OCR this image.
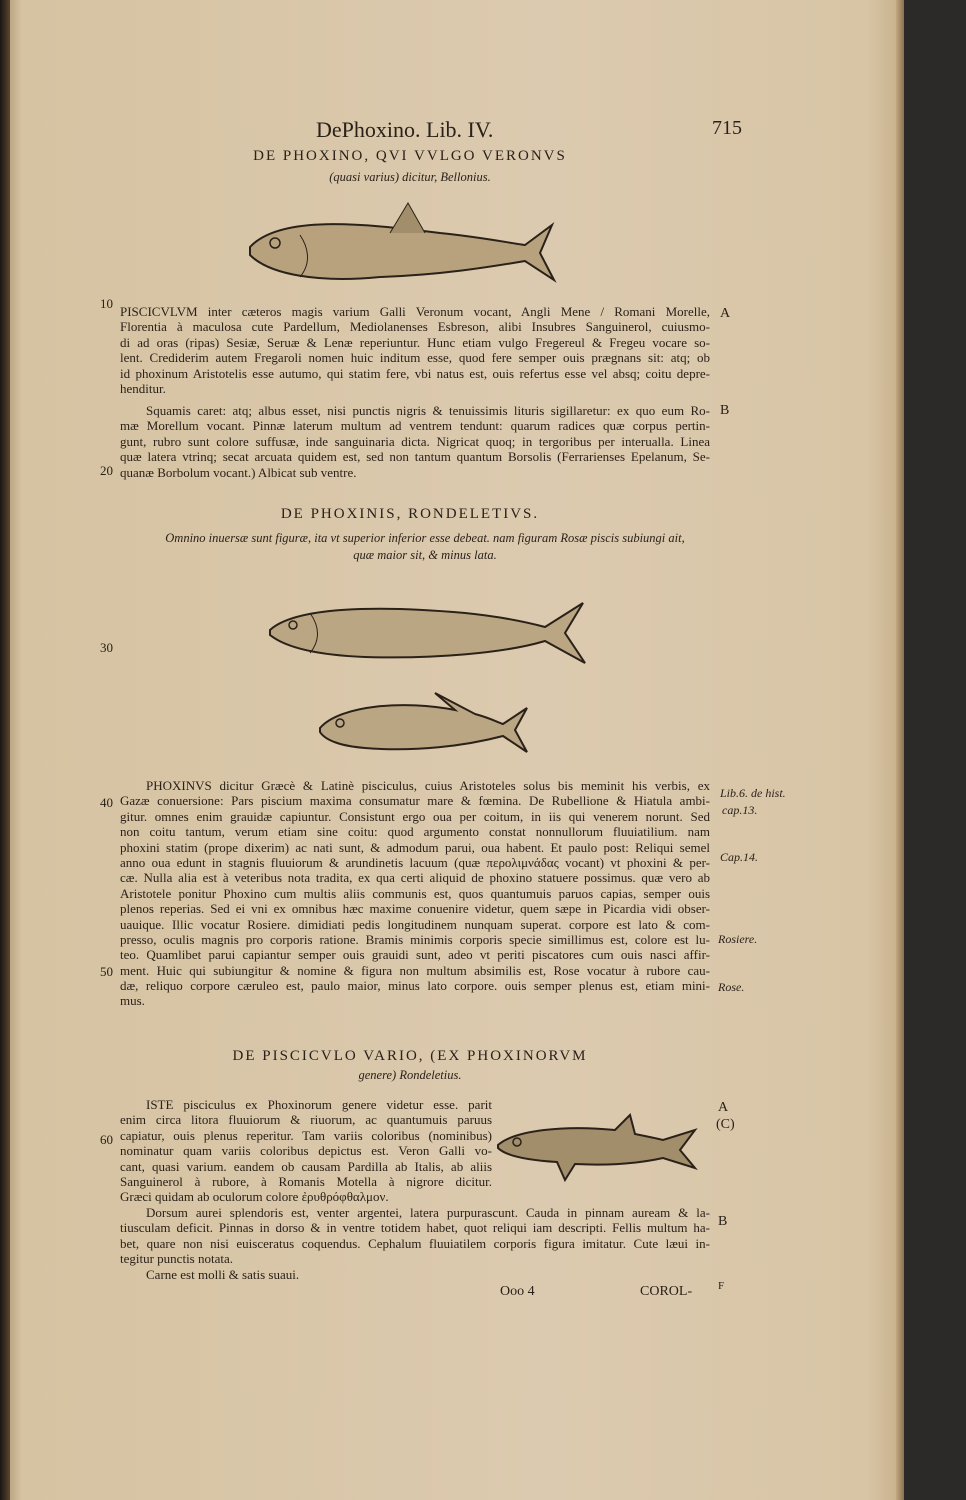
DePhoxino. Lib. IV.	715
DE PHOXINO, QVI VVLGO VERONVS
(quasi varius) dicitur, Bellonius.
10
PISCICVLVM inter cæteros magis varium Galli Veronum vocant, Angli Mene / Romani Morelle,
Florentia à maculosa cute Pardellum, Mediolanenses Esbreson, alibi Insubres Sanguinerol, cuiusmo-
di ad oras (ripas) Sesiæ, Seruæ & Lenæ reperiuntur. Hunc etiam vulgo Fregereul & Fregeu vocare so-
lent. Crediderim autem Fregaroli nomen huic inditum esse, quod fere semper ouis prægnans sit: atq; ob
id phoxinum Aristotelis esse autumo, qui statim fere, vbi natus est, ouis refertus esse vel absq; coitu depre-
henditur.
A
Squamis caret: atq; albus esset, nisi punctis nigris & tenuissimis lituris sigillaretur: ex quo eum Ro-
mæ Morellum vocant. Pinnæ laterum multum ad ventrem tendunt: quarum radices quæ corpus pertin-
gunt, rubro sunt colore suffusæ, inde sanguinaria dicta. Nigricat quoq; in tergoribus per interualla. Linea
quæ latera vtrinq; secat arcuata quidem est, sed non tantum quantum Borsolis (Ferrarienses Epelanum, Se-
quanæ Borbolum vocant.) Albicat sub ventre.
B
20
DE PHOXINIS, RONDELETIVS.
Omnino inuersæ sunt figuræ, ita vt superior inferior esse debeat. nam figuram Rosæ piscis subiungi ait,
quæ maior sit, & minus lata.
30
PHOXINVS dicitur Græcè & Latinè pisciculus, cuius Aristoteles solus bis meminit his verbis, ex
Gazæ conuersione: Pars piscium maxima consumatur mare & fœmina. De Rubellione & Hiatula ambi-
gitur. omnes enim grauidæ capiuntur. Consistunt ergo oua per coitum, in iis qui venerem norunt. Sed
non coitu tantum, verum etiam sine coitu: quod argumento constat nonnullorum fluuiatilium. nam
phoxini statim (prope dixerim) ac nati sunt, & admodum parui, oua habent. Et paulo post: Reliqui semel
anno oua edunt in stagnis fluuiorum & arundinetis lacuum (quæ περολιμνάδας vocant) vt phoxini & per-
cæ. Nulla alia est à veteribus nota tradita, ex qua certi aliquid de phoxino statuere possimus. quæ vero ab
Aristotele ponitur Phoxino cum multis aliis communis est, quos quantumuis paruos capias, semper ouis
plenos reperias. Sed ei vni ex omnibus hæc maxime conuenire videtur, quem sæpe in Picardia vidi obser-
uauique. Illic vocatur Rosiere. dimidiati pedis longitudinem nunquam superat. corpore est lato & com-
presso, oculis magnis pro corporis ratione. Bramis minimis corporis specie simillimus est, colore est lu-
teo. Quamlibet parui capiantur semper ouis grauidi sunt, adeo vt periti piscatores cum ouis nasci affir-
ment. Huic qui subiungitur & nomine & figura non multum absimilis est, Rose vocatur à rubore cau-
dæ, reliquo corpore cæruleo est, paulo maior, minus lato corpore. ouis semper plenus est, etiam mini-
mus.
40
Lib.6. de hist.
cap.13.
Cap.14.
Rosiere.
50
Rose.
DE PISCICVLO VARIO, (EX PHOXINORVM
genere) Rondeletius.
ISTE pisciculus ex Phoxinorum genere videtur esse. parit
enim circa litora fluuiorum & riuorum, ac quantumuis paruus
capiatur, ouis plenus reperitur. Tam variis coloribus (nominibus)
nominatur quam variis coloribus depictus est. Veron Galli vo-
cant, quasi varium. eandem ob causam Pardilla ab Italis, ab aliis
Sanguinerol à rubore, à Romanis Motella à nigrore dicitur.
Græci quidam ab oculorum colore ἐρυθρόφθαλμον.
60
A
(C)
Dorsum aurei splendoris est, venter argentei, latera purpurascunt. Cauda in pinnam auream & la-
tiusculam deficit. Pinnas in dorso & in ventre totidem habet, quot reliqui iam descripti. Fellis multum ha-
bet, quare non nisi euisceratus coquendus. Cephalum fluuiatilem corporis figura imitatur. Cute læui in-
tegitur punctis notata.
Carne est molli & satis suaui.
B
Ooo 4	COROL- F
